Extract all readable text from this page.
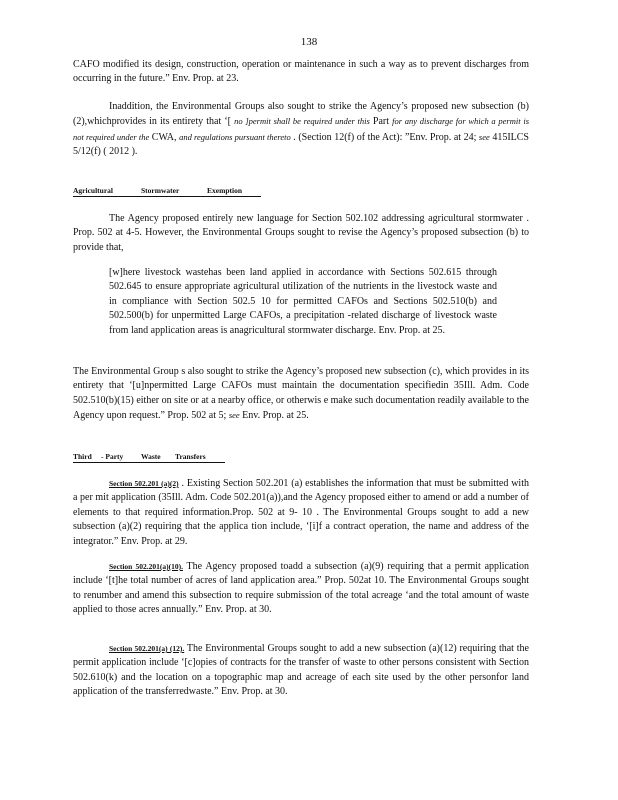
138

CAFO modified its design, construction, operation or maintenance in such a way as to prevent discharges from occurring in the future.” Env. Prop. at 23.

Inaddition, the Environmental Groups also sought to strike the Agency’s proposed new subsection (b)(2),whichprovides in its entirety that ‘[ no ]permit shall be required under this Part for any discharge for which a permit is not required under the CWA, and regulations pursuant thereto . (Section 12(f) of the Act): ”Env. Prop. at 24; see 415ILCS 5/12(f) ( 2012 ).

Agricultural	Stormwater	Exemption

The Agency proposed entirely new language for Section 502.102 addressing agricultural stormwater . Prop. 502 at 4-5. However, the Environmental Groups sought to revise the Agency’s proposed subsection (b) to provide that,

[w]here livestock wastehas been land applied in accordance with Sections 502.615 through 502.645 to ensure appropriate agricultural utilization of the nutrients in the livestock waste and in compliance with Section 502.5 10 for permitted CAFOs and Sections 502.510(b) and 502.500(b) for unpermitted Large CAFOs, a precipitation -related discharge of livestock waste from land application areas is anagricultural stormwater discharge. Env. Prop. at 25.

The Environmental Group s also sought to strike the Agency’s proposed new subsection (c), which provides in its entirety that ‘[u]npermitted Large CAFOs must maintain the documentation specifiedin 35Ill. Adm. Code 502.510(b)(15) either on site or at a nearby office, or otherwis e make such documentation readily available to the Agency upon request.” Prop. 502 at 5; see Env. Prop. at 25.

Third - Party Waste Transfers

Section 502.201 (a)(2) . Existing Section 502.201 (a) establishes the information that must be submitted with a per mit application (35Ill. Adm. Code 502.201(a)),and the Agency proposed either to amend or add a number of elements to that required information.Prop. 502 at 9- 10 . The Environmental Groups sought to add a new subsection (a)(2) requiring that the applica tion include, ‘[i]f a contract operation, the name and address of the integrator.” Env. Prop. at 29.

Section 502.201(a)(10). The Agency proposed toadd a subsection (a)(9) requiring that a permit application include ‘[t]he total number of acres of land application area.” Prop. 502at 10. The Environmental Groups sought to renumber and amend this subsection to require submission of the total acreage ‘and the total amount of waste applied to those acres annually.” Env. Prop. at 30.

Section 502.201(a) (12). The Environmental Groups sought to add a new subsection (a)(12) requiring that the permit application include ‘[c]opies of contracts for the transfer of waste to other persons consistent with Section 502.610(k) and the location on a topographic map and acreage of each site used by the other personfor land application of the transferredwaste.” Env. Prop. at 30.
